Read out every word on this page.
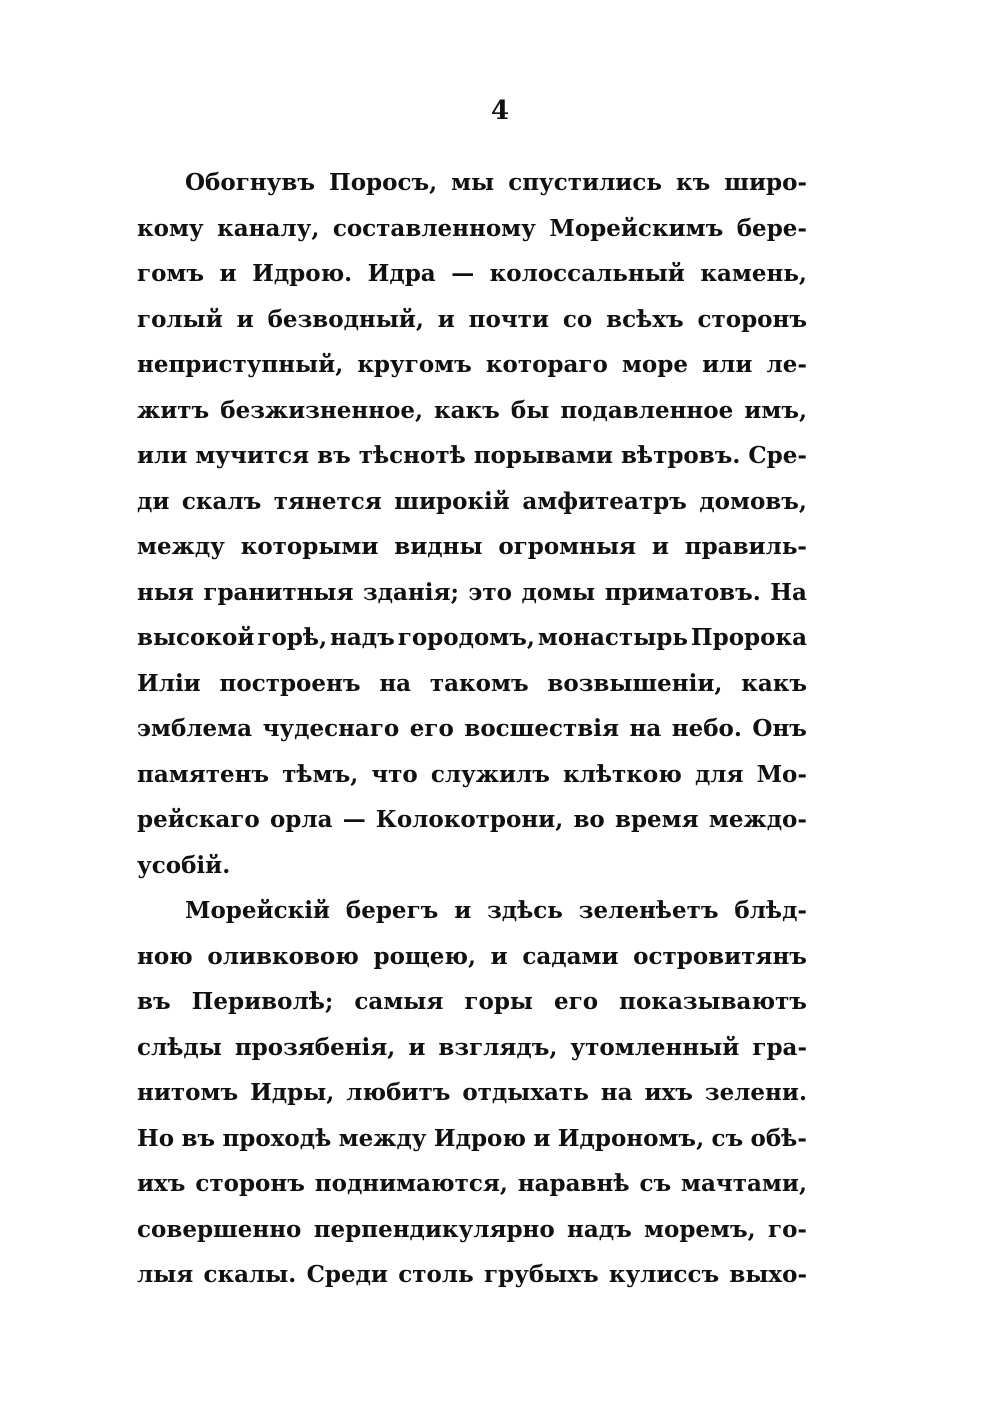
4
Обогнувъ Поросъ, мы спустились къ широ-
кому каналу, составленному Морейскимъ бере-
гомъ и Идрою. Идра — колоссальный камень,
голый и безводный, и почти со всѣхъ сторонъ
неприступный, кругомъ котораго море или ле-
житъ безжизненное, какъ бы подавленное имъ,
или мучится въ тѣснотѣ порывами вѣтровъ. Сре-
ди скалъ тянется широкій амфитеатръ домовъ,
между которыми видны огромныя и правиль-
ныя гранитныя зданія; это домы приматовъ. На
высокой горѣ, надъ городомъ, монастырь Пророка
Иліи построенъ на такомъ возвышеніи, какъ
эмблема чудеснаго его восшествія на небо. Онъ
памятенъ тѣмъ, что служилъ клѣткою для Мо-
рейскаго орла — Колокотрони, во время междо-
усобій.
Морейскій берегъ и здѣсь зеленѣетъ блѣд-
ною оливковою рощею, и садами островитянъ
въ Периволѣ; самыя горы его показываютъ
слѣды прозябенія, и взглядъ, утомленный гра-
нитомъ Идры, любитъ отдыхать на ихъ зелени.
Но въ проходѣ между Идрою и Идрономъ, съ обѣ-
ихъ сторонъ поднимаются, наравнѣ съ мачтами,
совершенно перпендикулярно надъ моремъ, го-
лыя скалы. Среди столь грубыхъ кулиссъ выхо-
